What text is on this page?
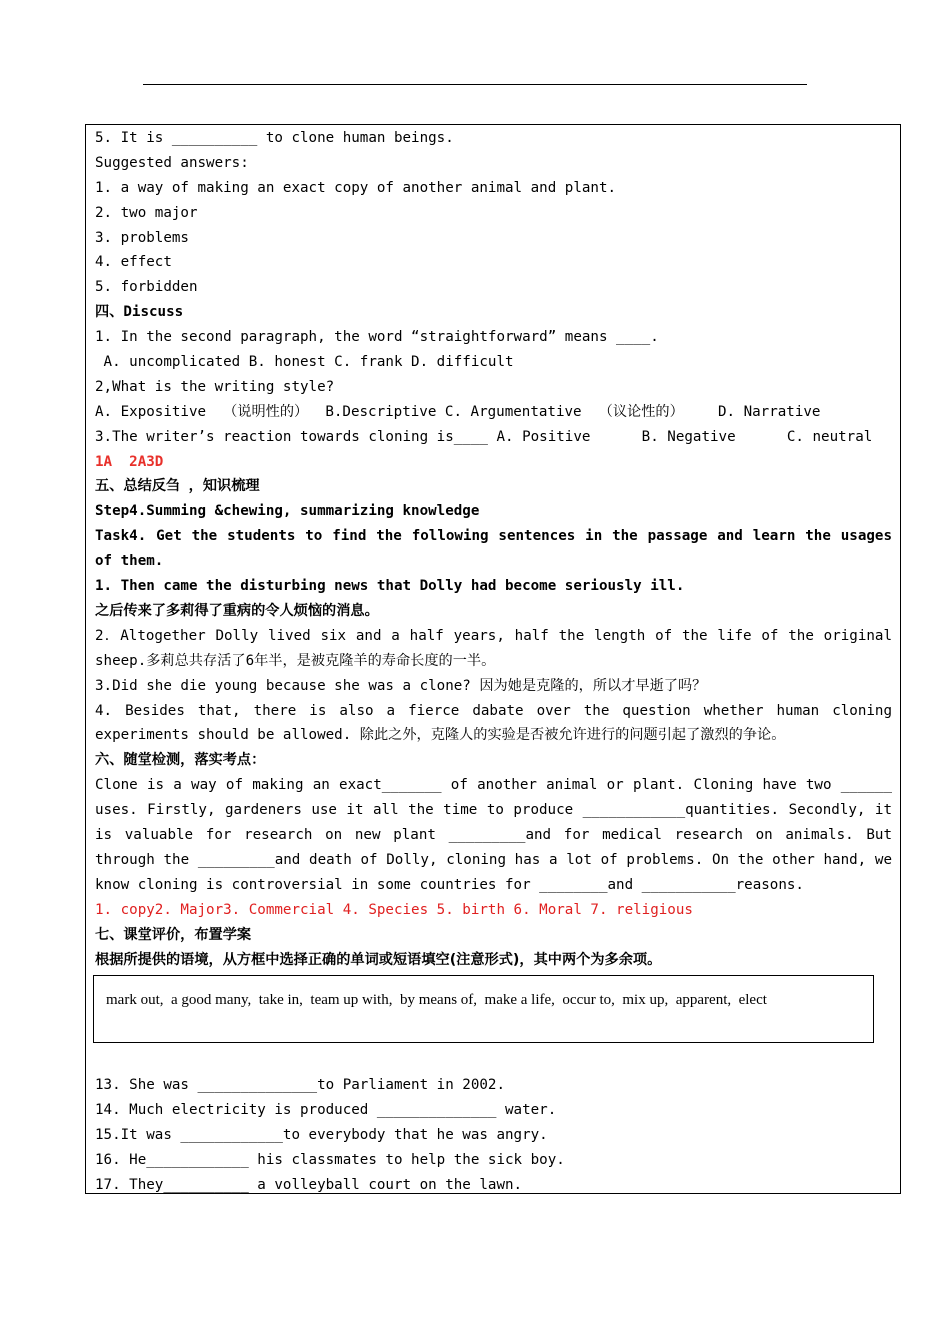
5. It is __________ to clone human beings.
Suggested answers:
1. a way of making an exact copy of another animal and plant.
2. two major
3. problems
4. effect
5. forbidden
四、Discuss
1. In the second paragraph, the word “straightforward” means ____.
A. uncomplicated B. honest C. frank D. difficult
2,What is the writing style?
A. Expositive  （说明性的）  B.Descriptive C. Argumentative  （议论性的）    D. Narrative
3.The writer’s reaction towards cloning is____ A. Positive      B. Negative      C. neutral
1A  2A3D
五、总结反刍 ，知识梳理
Step4.Summing &chewing, summarizing knowledge
Task4. Get the students to find the following sentences in the passage and learn the usages of them.
1. Then came the disturbing news that Dolly had become seriously ill.
之后传来了多莉得了重病的令人烦恼的消息。
2．Altogether Dolly lived six and a half years, half the length of the life of the original sheep.多莉总共存活了6年半，是被克隆羊的寿命长度的一半。
3.Did she die young because she was a clone? 因为她是克隆的，所以才早逝了吗？
4. Besides that, there is also a fierce dabate over the question whether human cloning experiments should be allowed. 除此之外，克隆人的实验是否被允许进行的问题引起了激烈的争论。
六、随堂检测，落实考点：
Clone is a way of making an exact_______ of another animal or plant. Cloning have two ______ uses. Firstly, gardeners use it all the time to produce ____________quantities. Secondly, it is valuable for research on new plant _________and for medical research on animals. But through the _________and death of Dolly, cloning has a lot of problems. On the other hand, we know cloning is controversial in some countries for ________and ___________reasons.
1. copy2. Major3. Commercial 4. Species 5. birth 6. Moral 7. religious
七、课堂评价，布置学案
根据所提供的语境，从方框中选择正确的单词或短语填空(注意形式)，其中两个为多余项。
mark out,  a good many,  take in,  team up with,  by means of,  make a life,  occur to,  mix up,  apparent,  elect
13. She was ______________to Parliament in 2002.
14. Much electricity is produced ______________ water.
15.It was ____________to everybody that he was angry.
16. He____________ his classmates to help the sick boy.
17. They__________ a volleyball court on the lawn.
